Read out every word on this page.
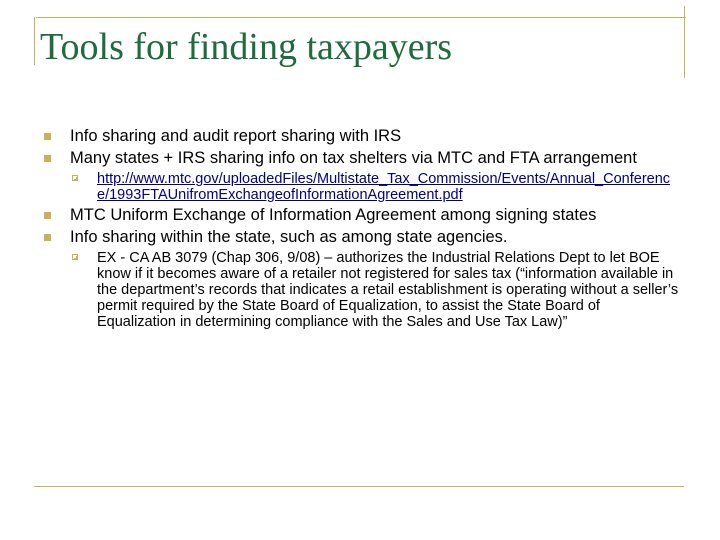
Tools for finding taxpayers
Info sharing and audit report sharing with IRS
Many states + IRS sharing info on tax shelters via MTC and FTA arrangement
http://www.mtc.gov/uploadedFiles/Multistate_Tax_Commission/Events/Annual_Conference/1993FTAUnifromExchangeofInformationAgreement.pdf
MTC Uniform Exchange of Information Agreement among signing states
Info sharing within the state, such as among state agencies.
EX - CA AB 3079 (Chap 306, 9/08) – authorizes the Industrial Relations Dept to let BOE know if it becomes aware of a retailer not registered for sales tax (“information available in the department’s records that indicates a retail establishment is operating without a seller’s permit required by the State Board of Equalization, to assist the State Board of Equalization in determining compliance with the Sales and Use Tax Law)”
